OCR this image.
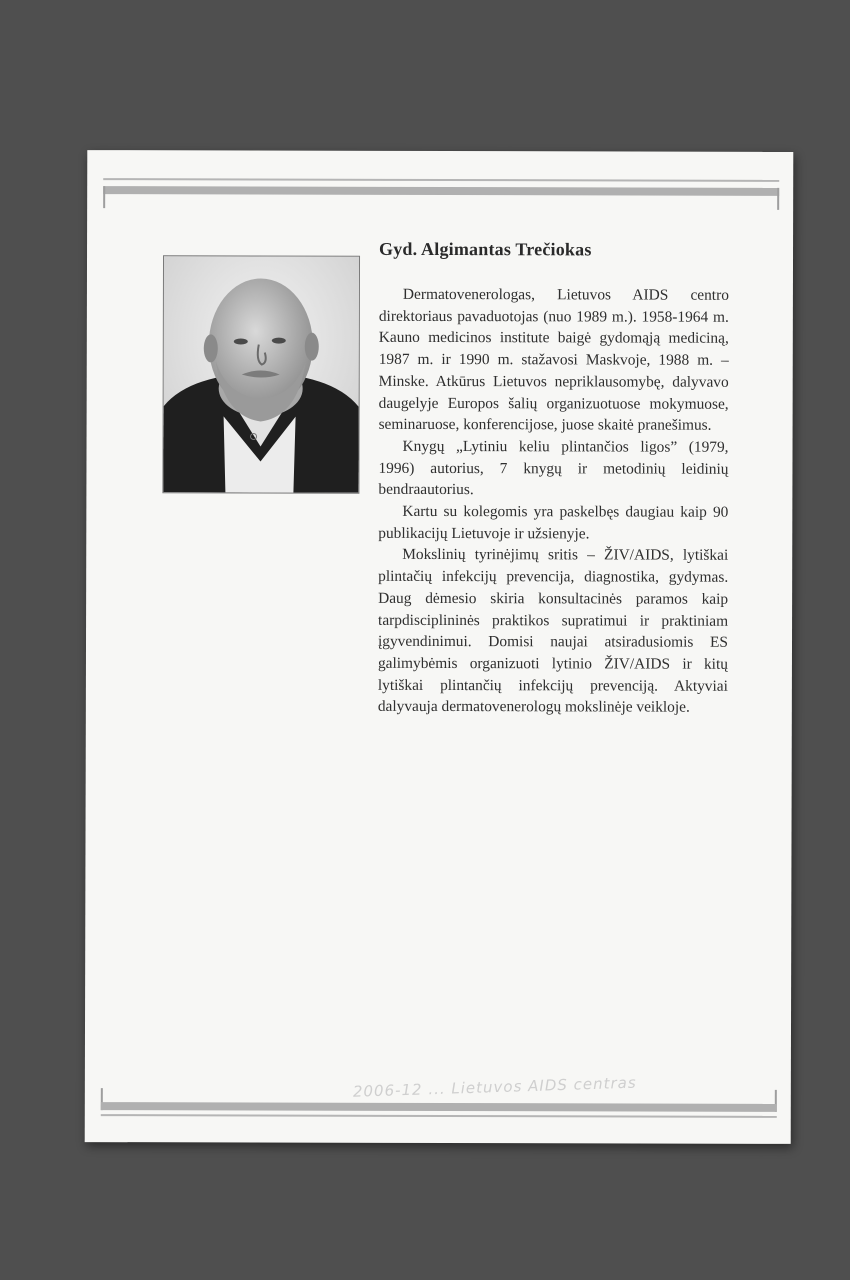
Gyd. Algimantas Trečiokas

Dermatovenerologas, Lietuvos AIDS centro direktoriaus pavaduotojas (nuo 1989 m.). 1958-1964 m. Kauno medicinos institute baigė gydomąją mediciną, 1987 m. ir 1990 m. stažavosi Maskvoje, 1988 m. – Minske. Atkūrus Lietuvos nepriklausomybę, dalyvavo daugelyje Europos šalių organizuotuose mokymuose, seminaruose, konferencijose, juose skaitė pranešimus.

Knygų „Lytiniu keliu plintančios ligos” (1979, 1996) autorius, 7 knygų ir metodinių leidinių bendraautorius.

Kartu su kolegomis yra paskelbęs daugiau kaip 90 publikacijų Lietuvoje ir užsienyje.

Mokslinių tyrinėjimų sritis – ŽIV/AIDS, lytiškai plintačių infekcijų prevencija, diagnostika, gydymas. Daug dėmesio skiria konsultacinės paramos kaip tarpdisciplininės praktikos supratimui ir praktiniam įgyvendinimui. Domisi naujai atsiradusiomis ES galimybėmis organizuoti lytinio ŽIV/AIDS ir kitų lytiškai plintančių infekcijų prevenciją. Aktyviai dalyvauja dermatovenerologų mokslinėje veikloje.

2006-12 ... Lietuvos AIDS centras
